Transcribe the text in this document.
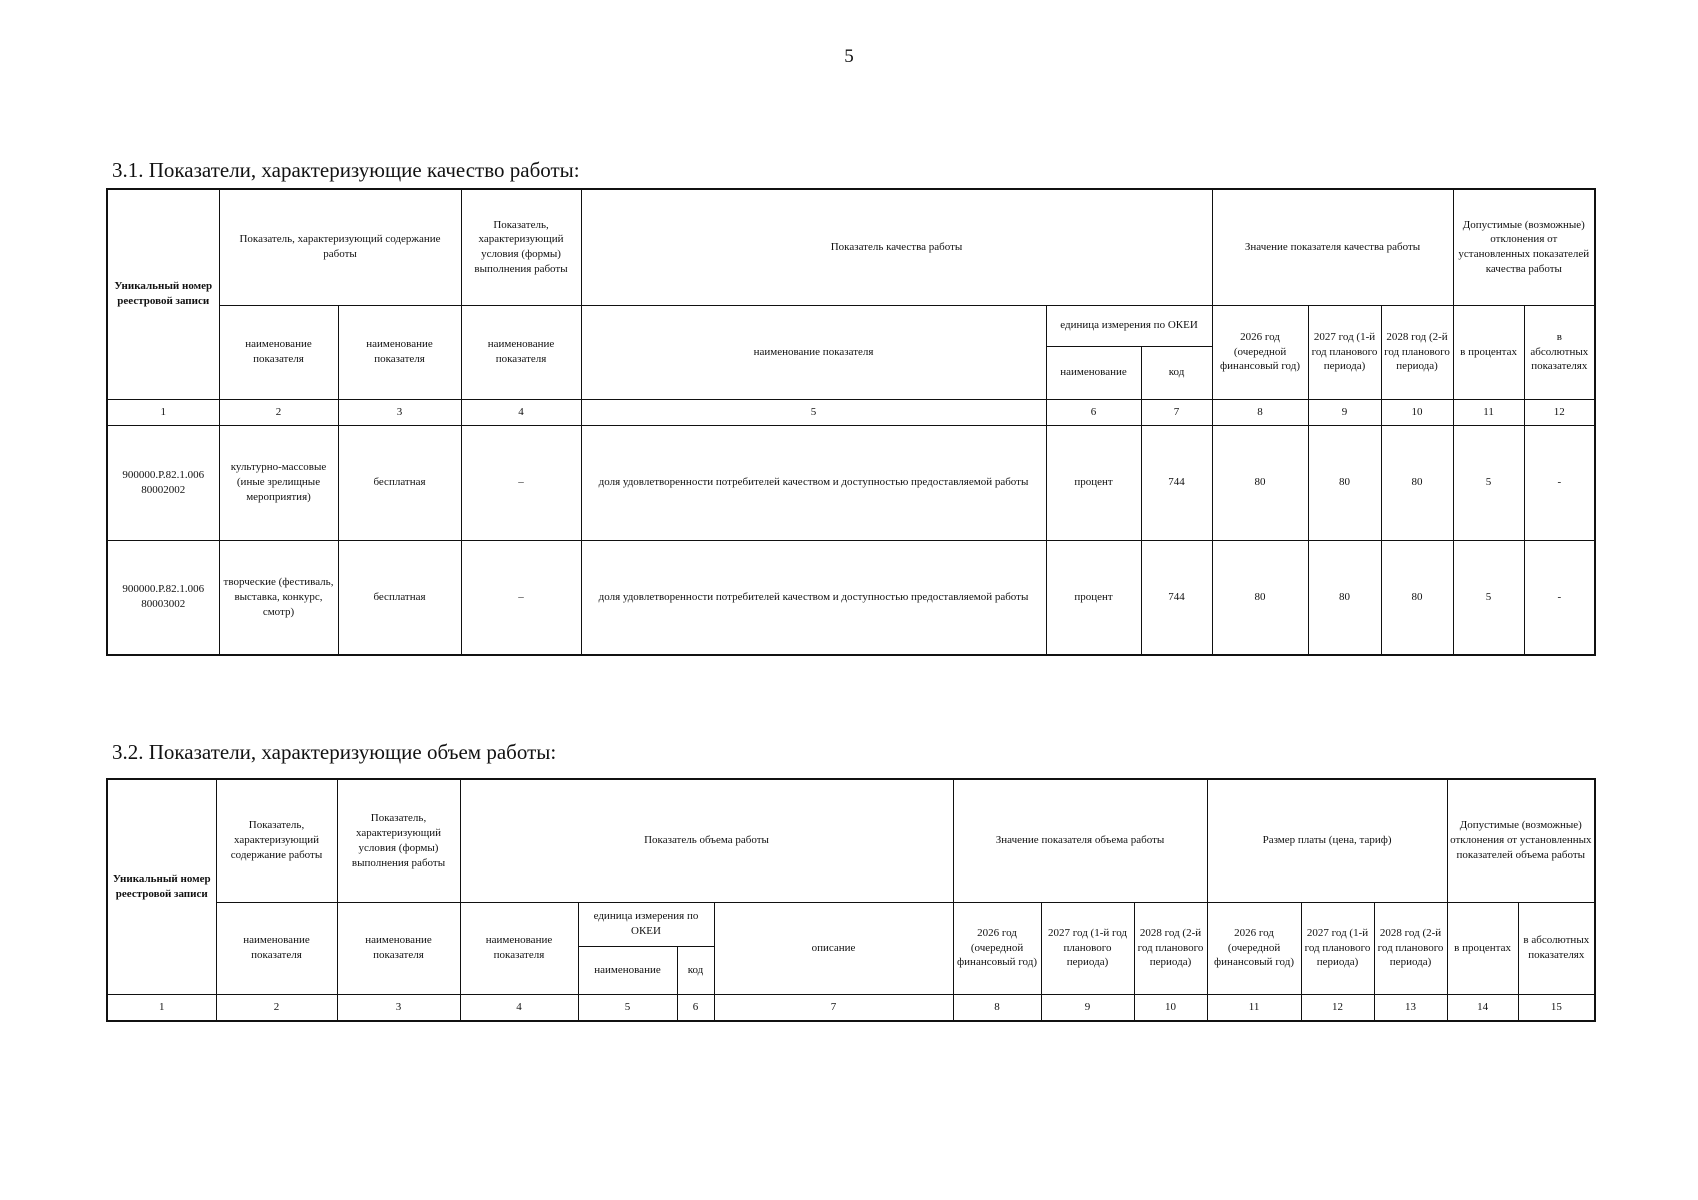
5
3.1. Показатели, характеризующие качество работы:
Уникальный номер реестровой записи	Показатель, характеризующий содержание работы		Показатель, характеризующий условия (формы) выполнения работы	Показатель качества работы			Значение показателя качества работы			Допустимые (возможные) отклонения от установленных показателей качества работы	
	наименование показателя	наименование показателя	наименование показателя	наименование показателя	единица измерения по ОКЕИ		2026 год (очередной финансовый год)	2027 год (1-й год планового периода)	2028 год (2-й год планового периода)	в процентах	в абсолютных показателях
					наименование	код					
1	2	3	4	5	6	7	8	9	10	11	12
900000.Р.82.1.006 80002002	культурно-массовые (иные зрелищные мероприятия)	бесплатная	–	доля удовлетворенности потребителей качеством и доступностью предоставляемой работы	процент	744	80	80	80	5	-
900000.Р.82.1.006 80003002	творческие (фестиваль, выставка, конкурс, смотр)	бесплатная	–	доля удовлетворенности потребителей качеством и доступностью предоставляемой работы	процент	744	80	80	80	5	-
3.2. Показатели, характеризующие объем работы:
Уникальный номер реестровой записи	Показатель, характеризующий содержание работы	Показатель, характеризующий условия (формы) выполнения работы	Показатель объема работы				Значение показателя объема работы			Размер платы (цена, тариф)			Допустимые (возможные) отклонения от установленных показателей объема работы	
	наименование показателя	наименование показателя	наименование показателя	единица измерения по ОКЕИ		описание	2026 год (очередной финансовый год)	2027 год (1-й год планового периода)	2028 год (2-й год планового периода)	2026 год (очередной финансовый год)	2027 год (1-й год планового периода)	2028 год (2-й год планового периода)	в процентах	в абсолютных показателях
				наименование	код									
1	2	3	4	5	6	7	8	9	10	11	12	13	14	15
